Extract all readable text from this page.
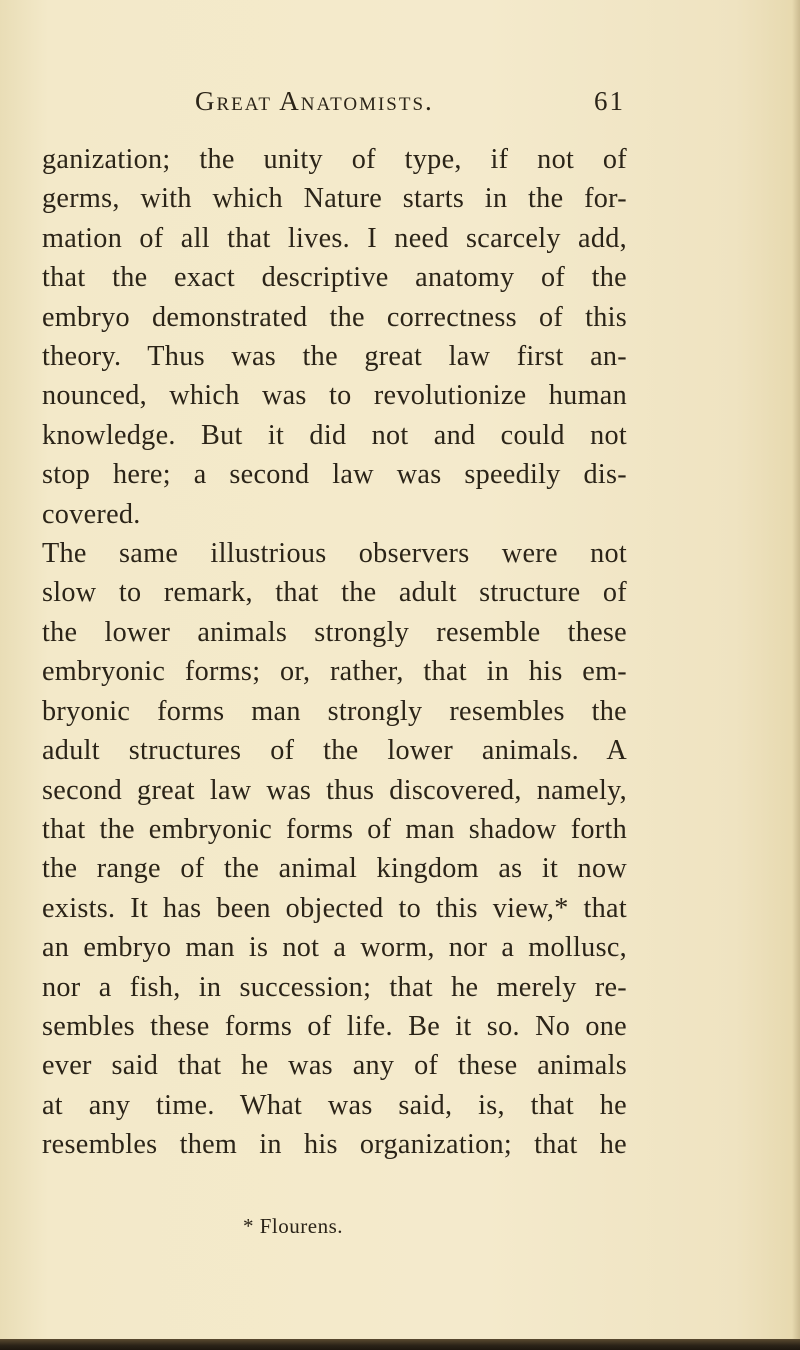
Great Anatomists.	61
ganization; the unity of type, if not of
germs, with which Nature starts in the for-
mation of all that lives. I need scarcely add,
that the exact descriptive anatomy of the
embryo demonstrated the correctness of this
theory. Thus was the great law first an-
nounced, which was to revolutionize human
knowledge. But it did not and could not
stop here; a second law was speedily dis-
covered.
The same illustrious observers were not
slow to remark, that the adult structure of
the lower animals strongly resemble these
embryonic forms; or, rather, that in his em-
bryonic forms man strongly resembles the
adult structures of the lower animals. A
second great law was thus discovered, namely,
that the embryonic forms of man shadow forth
the range of the animal kingdom as it now
exists. It has been objected to this view,* that
an embryo man is not a worm, nor a mollusc,
nor a fish, in succession; that he merely re-
sembles these forms of life. Be it so. No one
ever said that he was any of these animals
at any time. What was said, is, that he
resembles them in his organization; that he
* Flourens.
